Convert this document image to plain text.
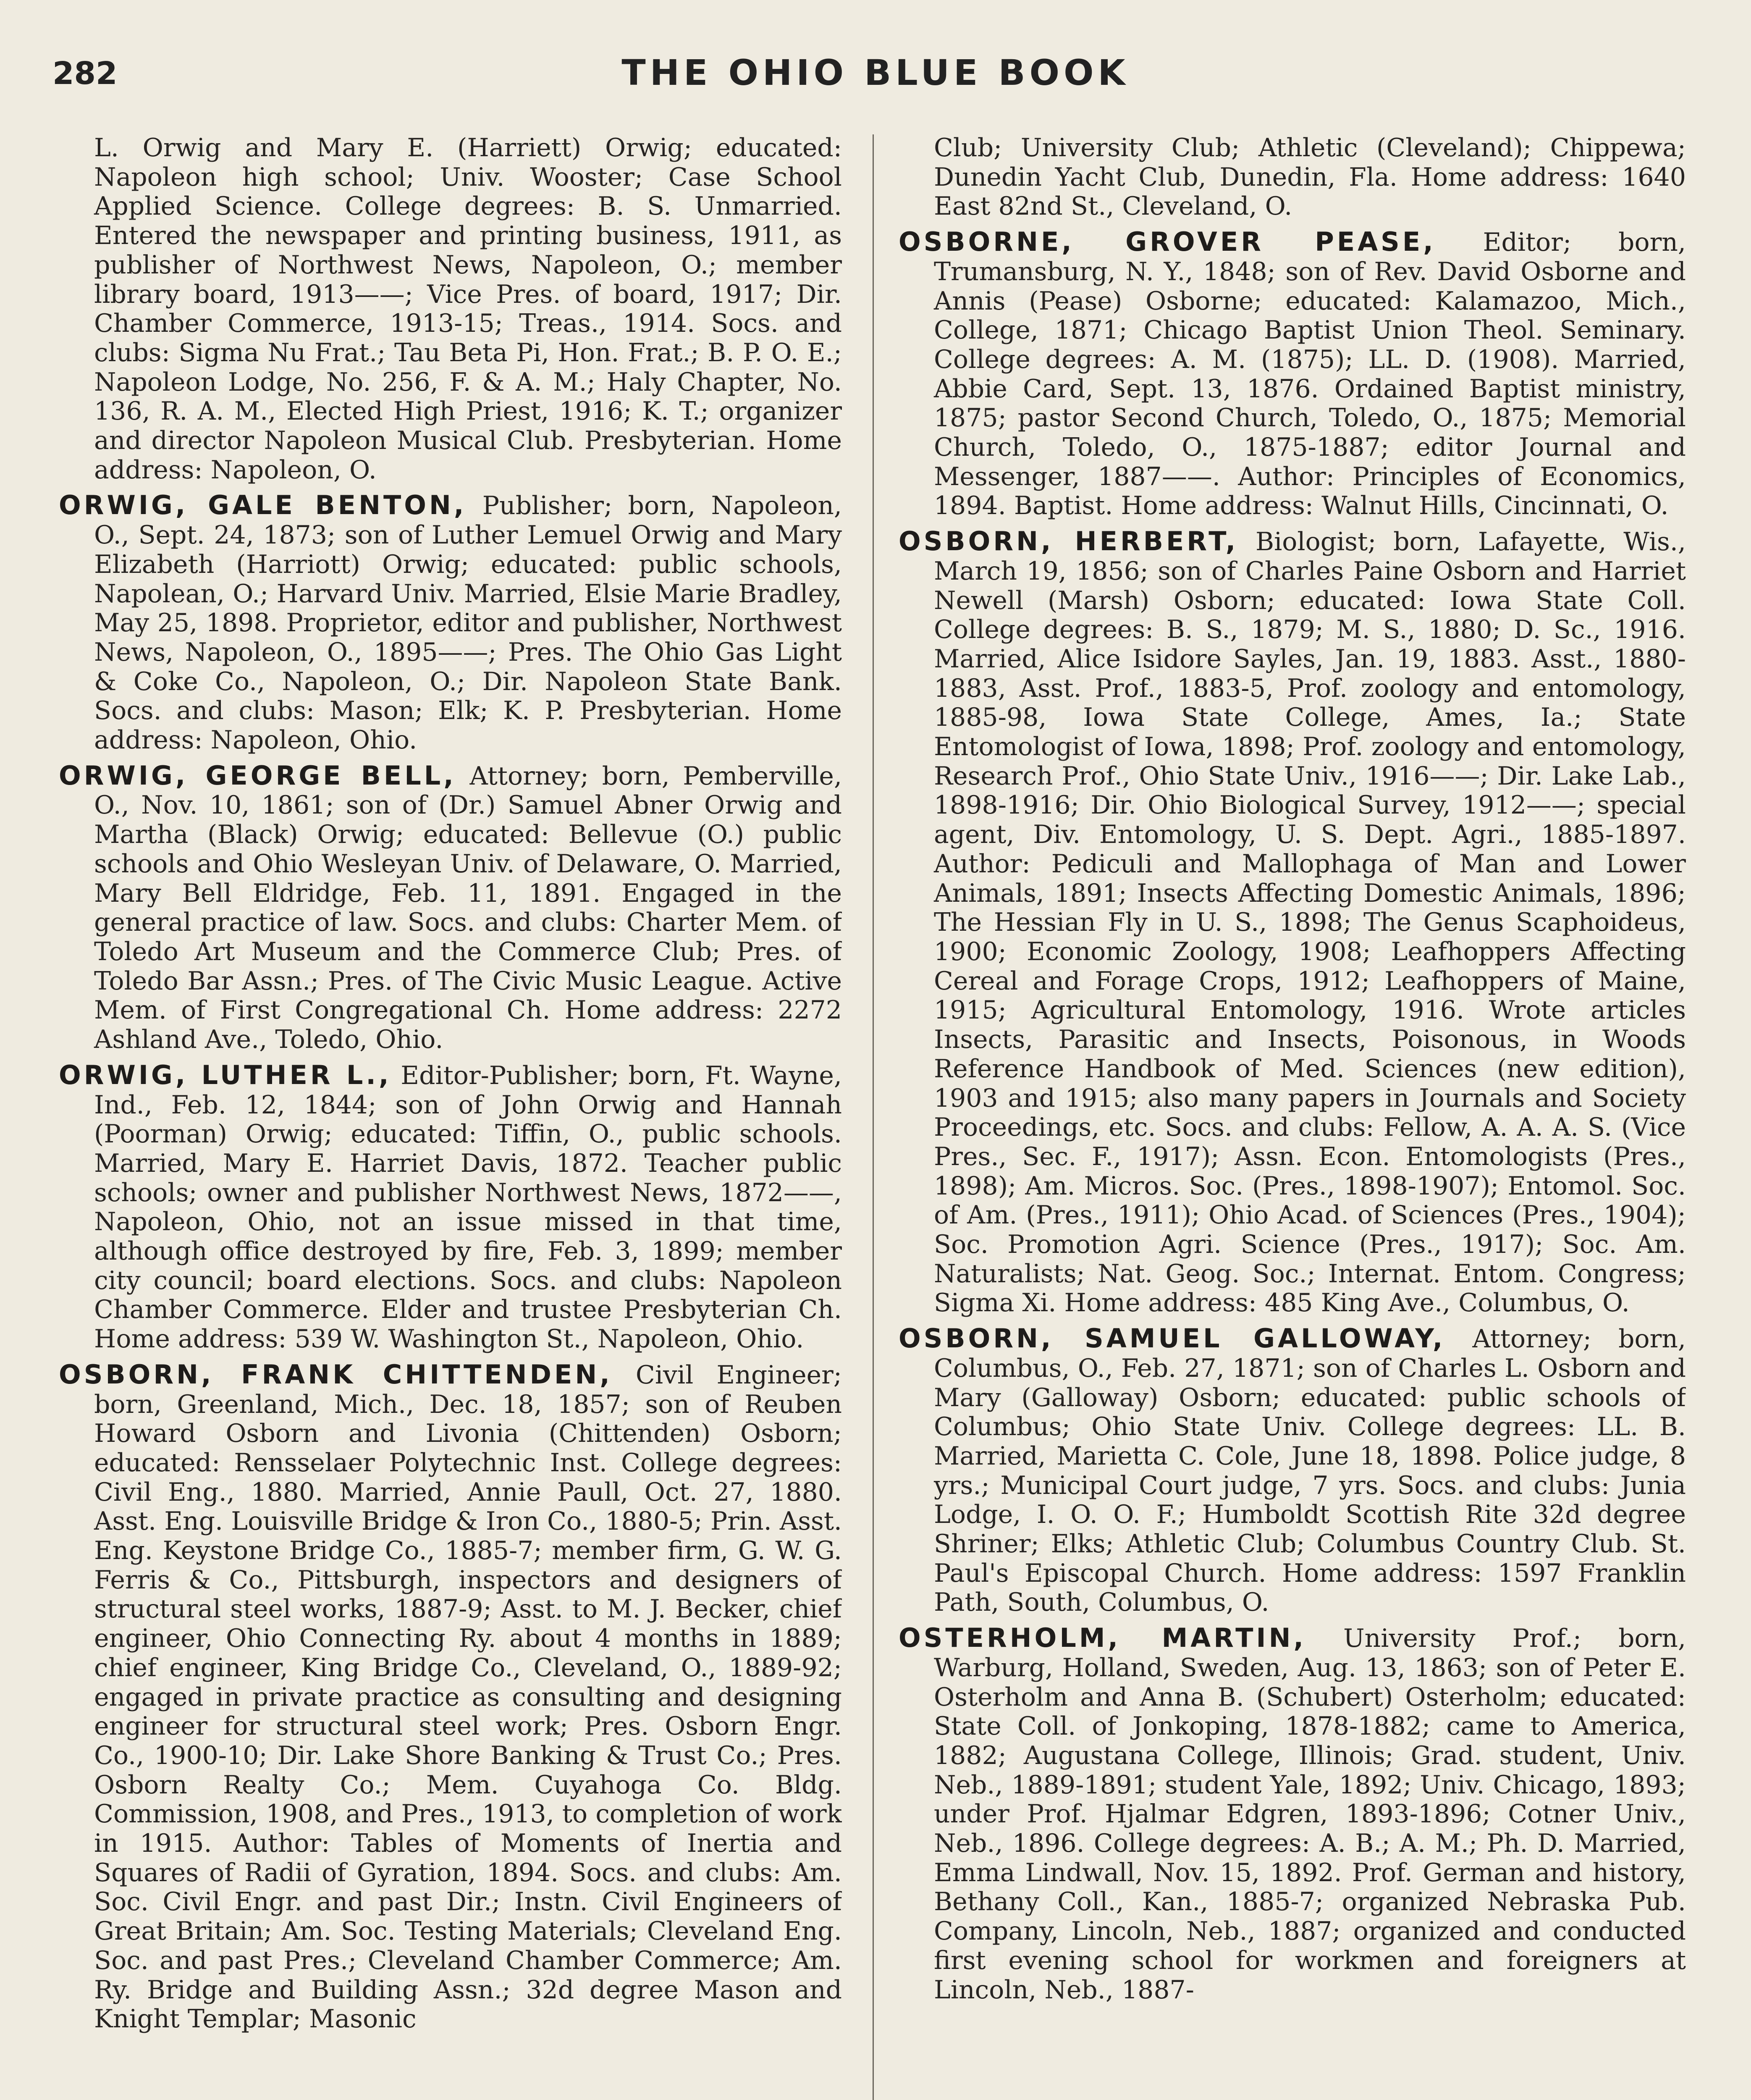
282	THE OHIO BLUE BOOK

L. Orwig and Mary E. (Harriett) Orwig; educated: Napoleon high school; Univ. Wooster; Case School Applied Science. College degrees: B. S. Unmarried. Entered the newspaper and printing business, 1911, as publisher of Northwest News, Napoleon, O.; member library board, 1913——; Vice Pres. of board, 1917; Dir. Chamber Commerce, 1913-15; Treas., 1914. Socs. and clubs: Sigma Nu Frat.; Tau Beta Pi, Hon. Frat.; B. P. O. E.; Napoleon Lodge, No. 256, F. & A. M.; Haly Chapter, No. 136, R. A. M., Elected High Priest, 1916; K. T.; organizer and director Napoleon Musical Club. Presbyterian. Home address: Napoleon, O.

ORWIG, GALE BENTON, Publisher; born, Napoleon, O., Sept. 24, 1873; son of Luther Lemuel Orwig and Mary Elizabeth (Harriott) Orwig; educated: public schools, Napolean, O.; Harvard Univ. Married, Elsie Marie Bradley, May 25, 1898. Proprietor, editor and publisher, Northwest News, Napoleon, O., 1895——; Pres. The Ohio Gas Light & Coke Co., Napoleon, O.; Dir. Napoleon State Bank. Socs. and clubs: Mason; Elk; K. P. Presbyterian. Home address: Napoleon, Ohio.

ORWIG, GEORGE BELL, Attorney; born, Pemberville, O., Nov. 10, 1861; son of (Dr.) Samuel Abner Orwig and Martha (Black) Orwig; educated: Bellevue (O.) public schools and Ohio Wesleyan Univ. of Delaware, O. Married, Mary Bell Eldridge, Feb. 11, 1891. Engaged in the general practice of law. Socs. and clubs: Charter Mem. of Toledo Art Museum and the Commerce Club; Pres. of Toledo Bar Assn.; Pres. of The Civic Music League. Active Mem. of First Congregational Ch. Home address: 2272 Ashland Ave., Toledo, Ohio.

ORWIG, LUTHER L., Editor-Publisher; born, Ft. Wayne, Ind., Feb. 12, 1844; son of John Orwig and Hannah (Poorman) Orwig; educated: Tiffin, O., public schools. Married, Mary E. Harriet Davis, 1872. Teacher public schools; owner and publisher Northwest News, 1872——, Napoleon, Ohio, not an issue missed in that time, although office destroyed by fire, Feb. 3, 1899; member city council; board elections. Socs. and clubs: Napoleon Chamber Commerce. Elder and trustee Presbyterian Ch. Home address: 539 W. Washington St., Napoleon, Ohio.

OSBORN, FRANK CHITTENDEN, Civil Engineer; born, Greenland, Mich., Dec. 18, 1857; son of Reuben Howard Osborn and Livonia (Chittenden) Osborn; educated: Rensselaer Polytechnic Inst. College degrees: Civil Eng., 1880. Married, Annie Paull, Oct. 27, 1880. Asst. Eng. Louisville Bridge & Iron Co., 1880-5; Prin. Asst. Eng. Keystone Bridge Co., 1885-7; member firm, G. W. G. Ferris & Co., Pittsburgh, inspectors and designers of structural steel works, 1887-9; Asst. to M. J. Becker, chief engineer, Ohio Connecting Ry. about 4 months in 1889; chief engineer, King Bridge Co., Cleveland, O., 1889-92; engaged in private practice as consulting and designing engineer for structural steel work; Pres. Osborn Engr. Co., 1900-10; Dir. Lake Shore Banking & Trust Co.; Pres. Osborn Realty Co.; Mem. Cuyahoga Co. Bldg. Commission, 1908, and Pres., 1913, to completion of work in 1915. Author: Tables of Moments of Inertia and Squares of Radii of Gyration, 1894. Socs. and clubs: Am. Soc. Civil Engr. and past Dir.; Instn. Civil Engineers of Great Britain; Am. Soc. Testing Materials; Cleveland Eng. Soc. and past Pres.; Cleveland Chamber Commerce; Am. Ry. Bridge and Building Assn.; 32d degree Mason and Knight Templar; Masonic

Club; University Club; Athletic (Cleveland); Chippewa; Dunedin Yacht Club, Dunedin, Fla. Home address: 1640 East 82nd St., Cleveland, O.

OSBORNE, GROVER PEASE, Editor; born, Trumansburg, N. Y., 1848; son of Rev. David Osborne and Annis (Pease) Osborne; educated: Kalamazoo, Mich., College, 1871; Chicago Baptist Union Theol. Seminary. College degrees: A. M. (1875); LL. D. (1908). Married, Abbie Card, Sept. 13, 1876. Ordained Baptist ministry, 1875; pastor Second Church, Toledo, O., 1875; Memorial Church, Toledo, O., 1875-1887; editor Journal and Messenger, 1887——. Author: Principles of Economics, 1894. Baptist. Home address: Walnut Hills, Cincinnati, O.

OSBORN, HERBERT, Biologist; born, Lafayette, Wis., March 19, 1856; son of Charles Paine Osborn and Harriet Newell (Marsh) Osborn; educated: Iowa State Coll. College degrees: B. S., 1879; M. S., 1880; D. Sc., 1916. Married, Alice Isidore Sayles, Jan. 19, 1883. Asst., 1880-1883, Asst. Prof., 1883-5, Prof. zoology and entomology, 1885-98, Iowa State College, Ames, Ia.; State Entomologist of Iowa, 1898; Prof. zoology and entomology, Research Prof., Ohio State Univ., 1916——; Dir. Lake Lab., 1898-1916; Dir. Ohio Biological Survey, 1912——; special agent, Div. Entomology, U. S. Dept. Agri., 1885-1897. Author: Pediculi and Mallophaga of Man and Lower Animals, 1891; Insects Affecting Domestic Animals, 1896; The Hessian Fly in U. S., 1898; The Genus Scaphoideus, 1900; Economic Zoology, 1908; Leafhoppers Affecting Cereal and Forage Crops, 1912; Leafhoppers of Maine, 1915; Agricultural Entomology, 1916. Wrote articles Insects, Parasitic and Insects, Poisonous, in Woods Reference Handbook of Med. Sciences (new edition), 1903 and 1915; also many papers in Journals and Society Proceedings, etc. Socs. and clubs: Fellow, A. A. A. S. (Vice Pres., Sec. F., 1917); Assn. Econ. Entomologists (Pres., 1898); Am. Micros. Soc. (Pres., 1898-1907); Entomol. Soc. of Am. (Pres., 1911); Ohio Acad. of Sciences (Pres., 1904); Soc. Promotion Agri. Science (Pres., 1917); Soc. Am. Naturalists; Nat. Geog. Soc.; Internat. Entom. Congress; Sigma Xi. Home address: 485 King Ave., Columbus, O.

OSBORN, SAMUEL GALLOWAY, Attorney; born, Columbus, O., Feb. 27, 1871; son of Charles L. Osborn and Mary (Galloway) Osborn; educated: public schools of Columbus; Ohio State Univ. College degrees: LL. B. Married, Marietta C. Cole, June 18, 1898. Police judge, 8 yrs.; Municipal Court judge, 7 yrs. Socs. and clubs: Junia Lodge, I. O. O. F.; Humboldt Scottish Rite 32d degree Shriner; Elks; Athletic Club; Columbus Country Club. St. Paul's Episcopal Church. Home address: 1597 Franklin Path, South, Columbus, O.

OSTERHOLM, MARTIN, University Prof.; born, Warburg, Holland, Sweden, Aug. 13, 1863; son of Peter E. Osterholm and Anna B. (Schubert) Osterholm; educated: State Coll. of Jonkoping, 1878-1882; came to America, 1882; Augustana College, Illinois; Grad. student, Univ. Neb., 1889-1891; student Yale, 1892; Univ. Chicago, 1893; under Prof. Hjalmar Edgren, 1893-1896; Cotner Univ., Neb., 1896. College degrees: A. B.; A. M.; Ph. D. Married, Emma Lindwall, Nov. 15, 1892. Prof. German and history, Bethany Coll., Kan., 1885-7; organized Nebraska Pub. Company, Lincoln, Neb., 1887; organized and conducted first evening school for workmen and foreigners at Lincoln, Neb., 1887-
